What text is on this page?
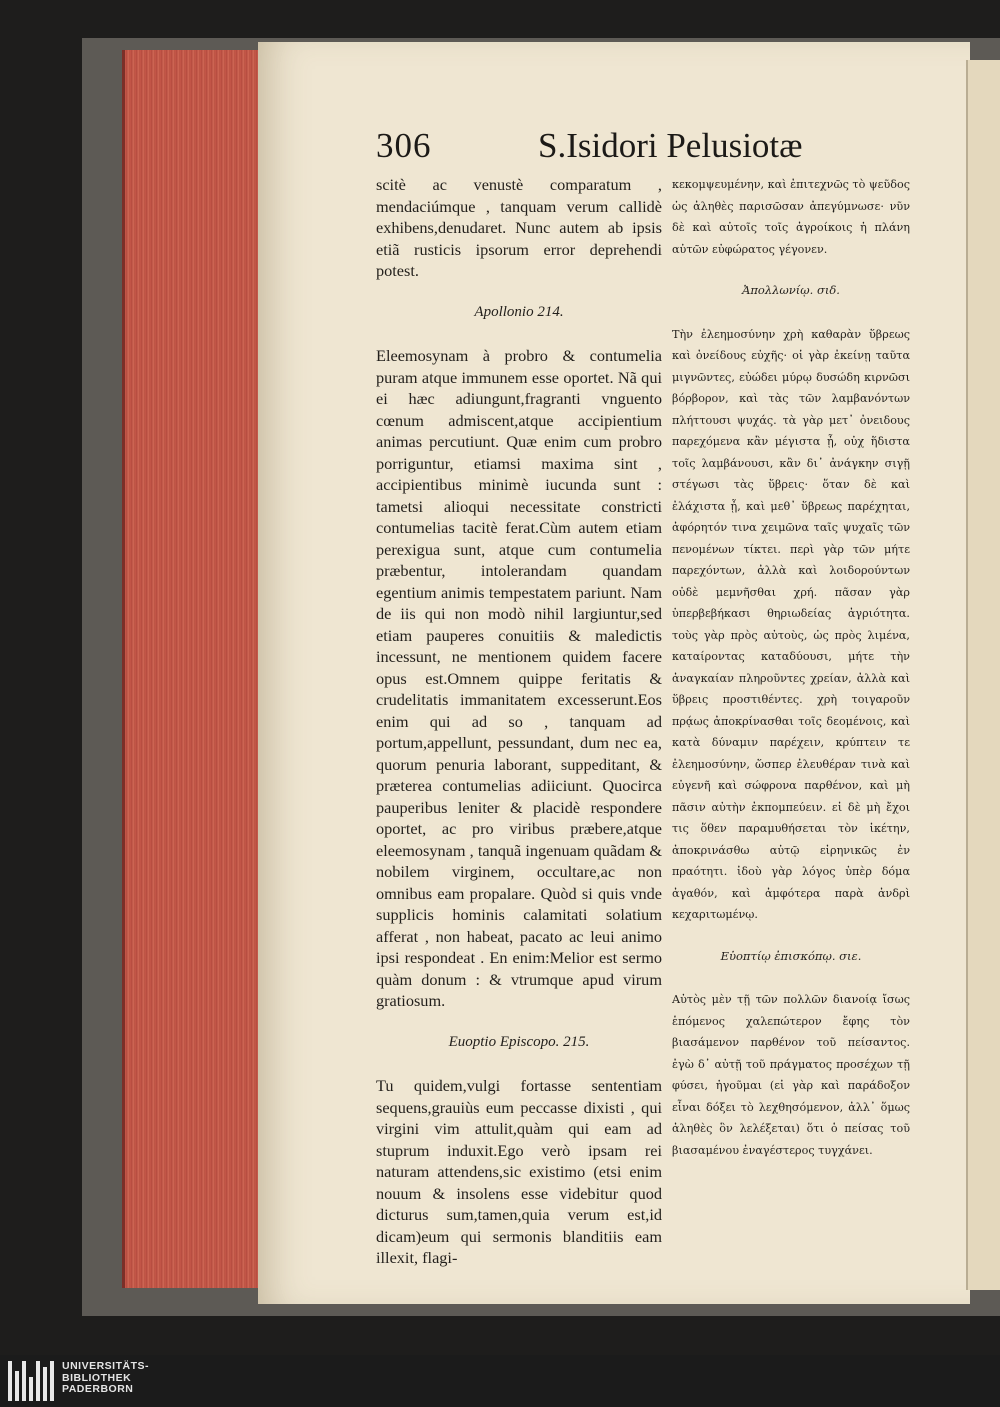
306	S.Isidori Pelusiotæ

scitè ac venustè comparatum , mendaciúmque , tanquam verum callidè exhibens,denudaret. Nunc autem ab ipsis etiã rusticis ipsorum error deprehendi potest.

Apollonio 214.

Eleemosynam à probro & contumelia puram atque immunem esse oportet. Nã qui ei hæc adiungunt,fragranti vnguento cœnum admiscent,atque accipientium animas percutiunt. Quæ enim cum probro porriguntur, etiamsi maxima sint , accipientibus minimè iucunda sunt : tametsi alioqui necessitate constricti contumelias tacitè ferat.Cùm autem etiam perexigua sunt, atque cum contumelia præbentur, intolerandam quandam egentium animis tempestatem pariunt. Nam de iis qui non modò nihil largiuntur,sed etiam pauperes conuitiis & maledictis incessunt, ne mentionem quidem facere opus est.Omnem quippe feritatis & crudelitatis immanitatem excesserunt.Eos enim qui ad so , tanquam ad portum,appellunt, pessundant, dum nec ea, quorum penuria laborant, suppeditant, & præterea contumelias adiiciunt. Quocirca pauperibus leniter & placidè respondere oportet, ac pro viribus præbere,atque eleemosynam , tanquã ingenuam quãdam & nobilem virginem, occultare,ac non omnibus eam propalare. Quòd si quis vnde supplicis hominis calamitati solatium afferat , non habeat, pacato ac leui animo ipsi respondeat . En enim:Melior est sermo quàm donum : & vtrumque apud virum gratiosum.

Euoptio Episcopo. 215.

Tu quidem,vulgi fortasse sententiam sequens,grauiùs eum peccasse dixisti , qui virgini vim attulit,quàm qui eam ad stuprum induxit.Ego verò ipsam rei naturam attendens,sic existimo (etsi enim nouum & insolens esse videbitur quod dicturus sum,tamen,quia verum est,id dicam)eum qui sermonis blanditiis eam illexit, flagi-

κεκομψευμένην, καὶ ἐπιτεχνῶς τὸ ψεῦδος ὡς ἀληθὲς παρισῶσαν ἀπεγύμνωσε· νῦν δὲ καὶ αὐτοῖς τοῖς ἀγροίκοις ἡ πλάνη αὐτῶν εὐφώρατος γέγονεν.

Ἀπολλωνίῳ. σιδ.

Τὴν ἐλεημοσύνην χρὴ καθαρὰν ὕβρεως καὶ ὀνείδους εὐχῆς· οἱ γὰρ ἐκείνῃ ταῦτα μιγνῶντες, εὐώδει μύρῳ δυσώδη κιρνῶσι βόρβορον, καὶ τὰς τῶν λαμβανόντων πλήττουσι ψυχάς. τὰ γὰρ μετ᾽ ὀνειδους παρεχόμενα κἂν μέγιστα ᾖ, οὐχ ἥδιστα τοῖς λαμβάνουσι, κἂν δι᾽ ἀνάγκην σιγῇ στέγωσι τὰς ὕβρεις· ὅταν δὲ καὶ ἐλάχιστα ᾖ, καὶ μεθ᾽ ὕβρεως παρέχηται, ἀφόρητόν τινα χειμῶνα ταῖς ψυχαῖς τῶν πενομένων τίκτει. περὶ γὰρ τῶν μήτε παρεχόντων, ἀλλὰ καὶ λοιδορούντων οὐδὲ μεμνῆσθαι χρή. πᾶσαν γὰρ ὑπερβεβήκασι θηριωδείας ἀγριότητα. τοὺς γὰρ πρὸς αὐτοὺς, ὡς πρὸς λιμένα, καταίροντας καταδύουσι, μήτε τὴν ἀναγκαίαν πληροῦντες χρείαν, ἀλλὰ καὶ ὕβρεις προστιθέντες. χρὴ τοιγαροῦν πρᾴως ἀποκρίνασθαι τοῖς δεομένοις, καὶ κατὰ δύναμιν παρέχειν, κρύπτειν τε ἐλεημοσύνην, ὥσπερ ἐλευθέραν τινὰ καὶ εὐγενῆ καὶ σώφρονα παρθένον, καὶ μὴ πᾶσιν αὐτὴν ἐκπομπεύειν. εἰ δὲ μὴ ἔχοι τις ὅθεν παραμυθήσεται τὸν ἱκέτην, ἀποκρινάσθω αὐτῷ εἰρηνικῶς ἐν πραότητι. ἰδοὺ γὰρ λόγος ὑπὲρ δόμα ἀγαθόν, καὶ ἀμφότερα παρὰ ἀνδρὶ κεχαριτωμένῳ.

Εὐοπτίῳ ἐπισκόπῳ. σιε.

Αὐτὸς μὲν τῇ τῶν πολλῶν διανοίᾳ ἴσως ἑπόμενος χαλεπώτερον ἔφης τὸν βιασάμενον παρθένον τοῦ πείσαντος. ἐγὼ δ᾽ αὐτῇ τοῦ πράγματος προσέχων τῇ φύσει, ἡγοῦμαι (εἰ γὰρ καὶ παράδοξον εἶναι δόξει τὸ λεχθησόμενον, ἀλλ᾽ ὅμως ἀληθὲς ὃν λελέξεται) ὅτι ὁ πείσας τοῦ βιασαμένου ἐναγέστερος τυγχάνει.

UNIVERSITÄTS-
BIBLIOTHEK
PADERBORN
